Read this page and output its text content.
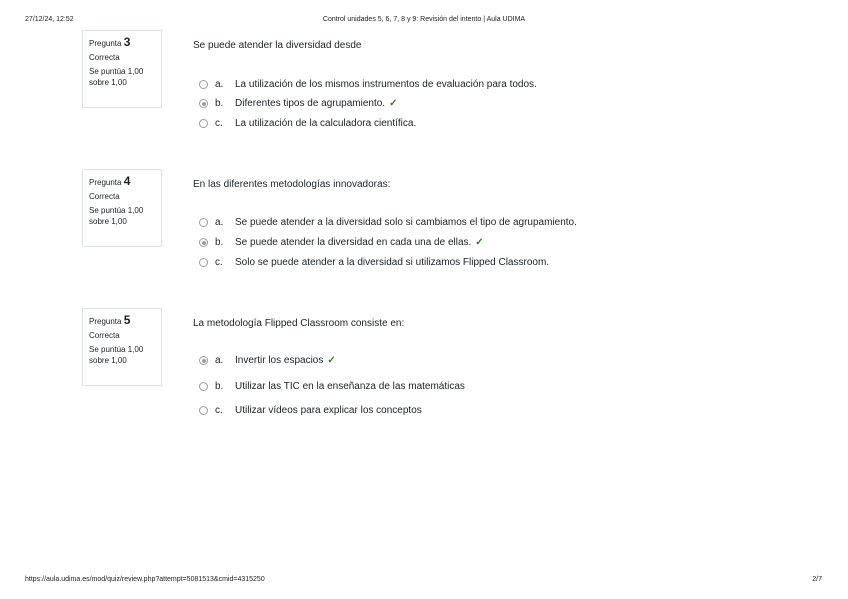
27/12/24, 12:52	Control unidades 5, 6, 7, 8 y 9: Revisión del intento | Aula UDIMA
Pregunta 3
Correcta
Se puntúa 1,00
sobre 1,00
Se puede atender la diversidad desde
a.	La utilización de los mismos instrumentos de evaluación para todos.
b.	Diferentes tipos de agrupamiento. ✓
c.	La utilización de la calculadora científica.
Pregunta 4
Correcta
Se puntúa 1,00
sobre 1,00
En las diferentes metodologías innovadoras:
a.	Se puede atender a la diversidad solo si cambiamos el tipo de agrupamiento.
b.	Se puede atender la diversidad en cada una de ellas. ✓
c.	Solo se puede atender a la diversidad si utilizamos Flipped Classroom.
Pregunta 5
Correcta
Se puntúa 1,00
sobre 1,00
La metodología Flipped Classroom consiste en:
a.	Invertir los espacios ✓
b.	Utilizar las TIC en la enseñanza de las matemáticas
c.	Utilizar vídeos para explicar los conceptos
https://aula.udima.es/mod/quiz/review.php?attempt=5081513&cmid=4315250	2/7
